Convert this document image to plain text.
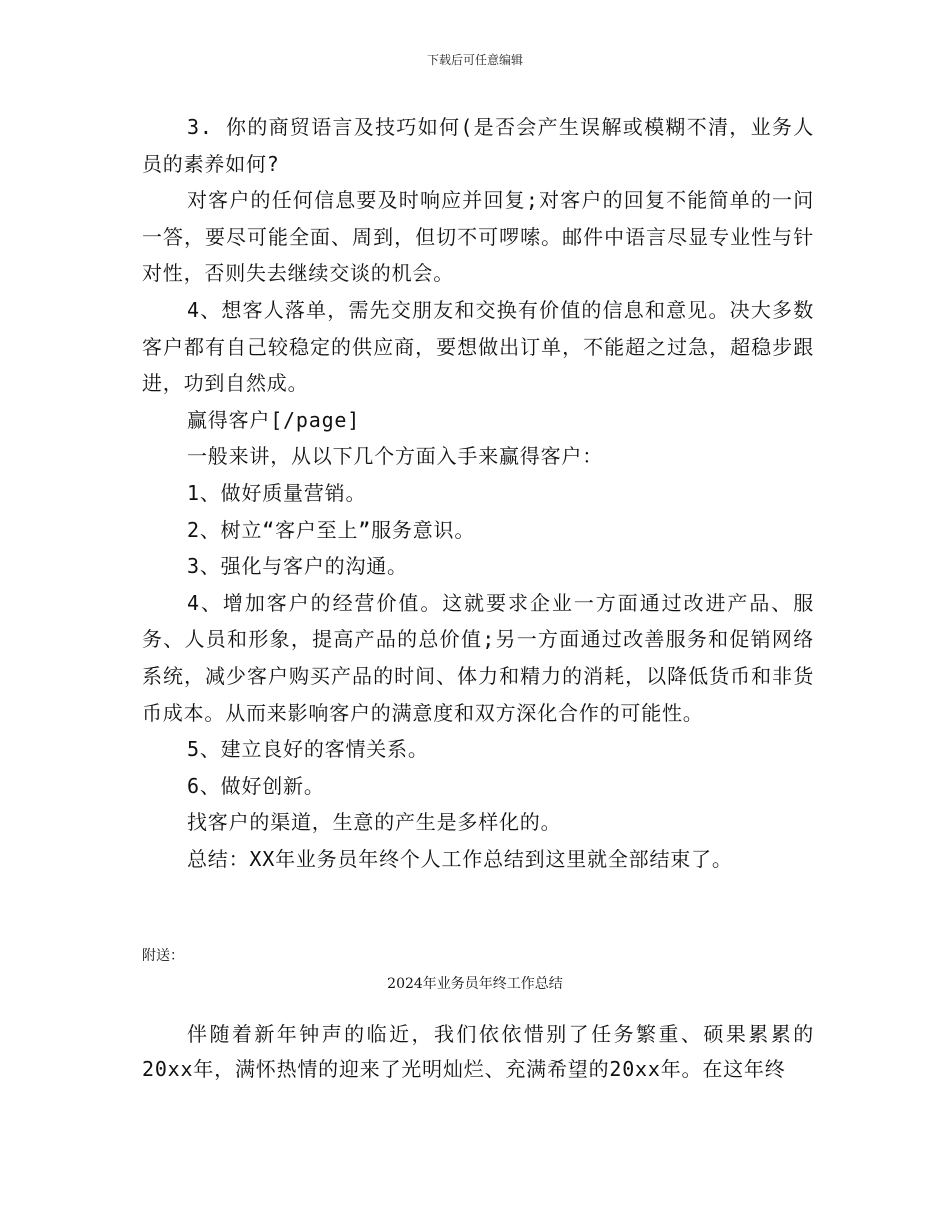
下载后可任意编辑

3. 你的商贸语言及技巧如何(是否会产生误解或模糊不清，业务人员的素养如何?

对客户的任何信息要及时响应并回复;对客户的回复不能简单的一问一答，要尽可能全面、周到，但切不可啰嗦。邮件中语言尽显专业性与针对性，否则失去继续交谈的机会。

4、想客人落单，需先交朋友和交换有价值的信息和意见。决大多数客户都有自己较稳定的供应商，要想做出订单，不能超之过急，超稳步跟进，功到自然成。

赢得客户[/page]

一般来讲，从以下几个方面入手来赢得客户：

1、做好质量营销。

2、树立“客户至上”服务意识。

3、强化与客户的沟通。

4、增加客户的经营价值。这就要求企业一方面通过改进产品、服务、人员和形象，提高产品的总价值;另一方面通过改善服务和促销网络系统，减少客户购买产品的时间、体力和精力的消耗，以降低货币和非货币成本。从而来影响客户的满意度和双方深化合作的可能性。

5、建立良好的客情关系。

6、做好创新。

找客户的渠道，生意的产生是多样化的。

总结：XX年业务员年终个人工作总结到这里就全部结束了。

附送：
2024年业务员年终工作总结

伴随着新年钟声的临近，我们依依惜别了任务繁重、硕果累累的20xx年，满怀热情的迎来了光明灿烂、充满希望的20xx年。在这年终
